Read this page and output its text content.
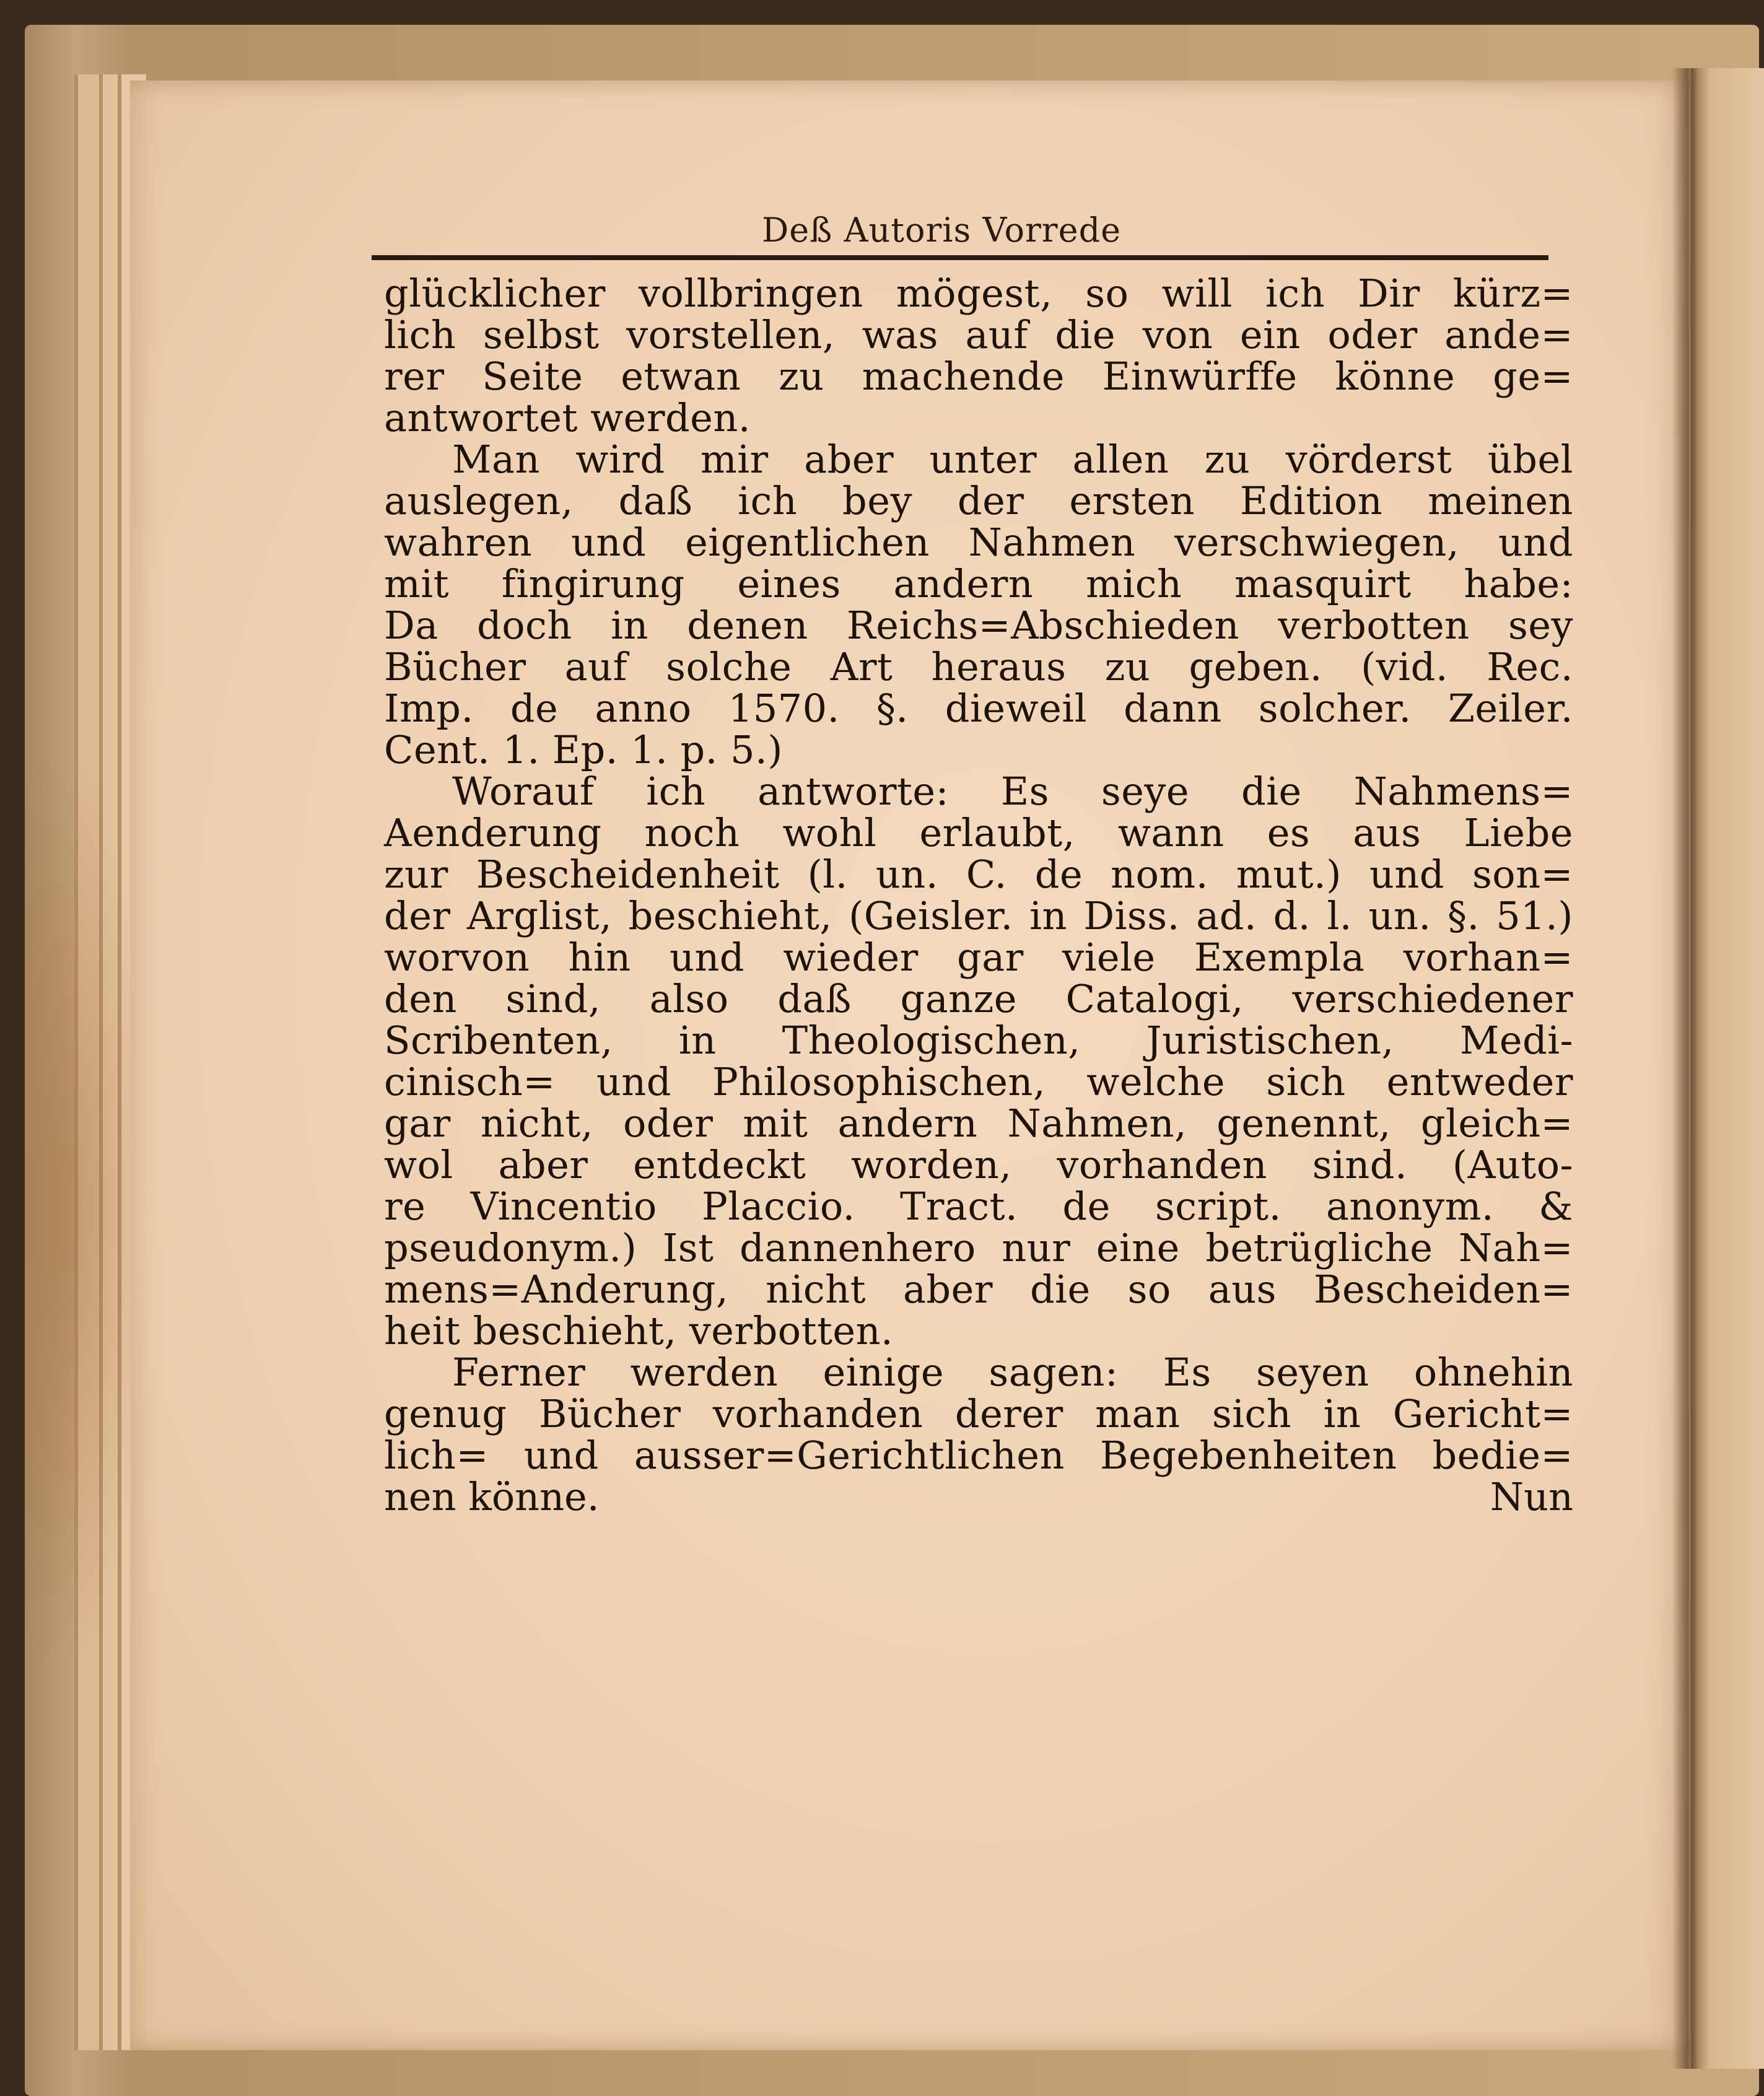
Deß Autoris Vorrede
glücklicher vollbringen mögest, so will ich Dir kürz=
lich selbst vorstellen, was auf die von ein oder ande=
rer Seite etwan zu machende Einwürffe könne ge=
antwortet werden.
Man wird mir aber unter allen zu vörderst übel
auslegen, daß ich bey der ersten Edition meinen
wahren und eigentlichen Nahmen verschwiegen, und
mit fingirung eines andern mich masquirt habe:
Da doch in denen Reichs=Abschieden verbotten sey
Bücher auf solche Art heraus zu geben. (vid. Rec.
Imp. de anno 1570. §. dieweil dann solcher. Zeiler.
Cent. 1. Ep. 1. p. 5.)
Worauf ich antworte: Es seye die Nahmens=
Aenderung noch wohl erlaubt, wann es aus Liebe
zur Bescheidenheit (l. un. C. de nom. mut.) und son=
der Arglist, beschieht, (Geisler. in Diss. ad. d. l. un. §. 51.)
worvon hin und wieder gar viele Exempla vorhan=
den sind, also daß ganze Catalogi, verschiedener
Scribenten, in Theologischen, Juristischen, Medi-
cinisch= und Philosophischen, welche sich entweder
gar nicht, oder mit andern Nahmen, genennt, gleich=
wol aber entdeckt worden, vorhanden sind. (Auto-
re Vincentio Placcio. Tract. de script. anonym. &
pseudonym.) Ist dannenhero nur eine betrügliche Nah=
mens=Anderung, nicht aber die so aus Bescheiden=
heit beschieht, verbotten.
Ferner werden einige sagen: Es seyen ohnehin
genug Bücher vorhanden derer man sich in Gericht=
lich= und ausser=Gerichtlichen Begebenheiten bedie=
nen könne.	Nun
